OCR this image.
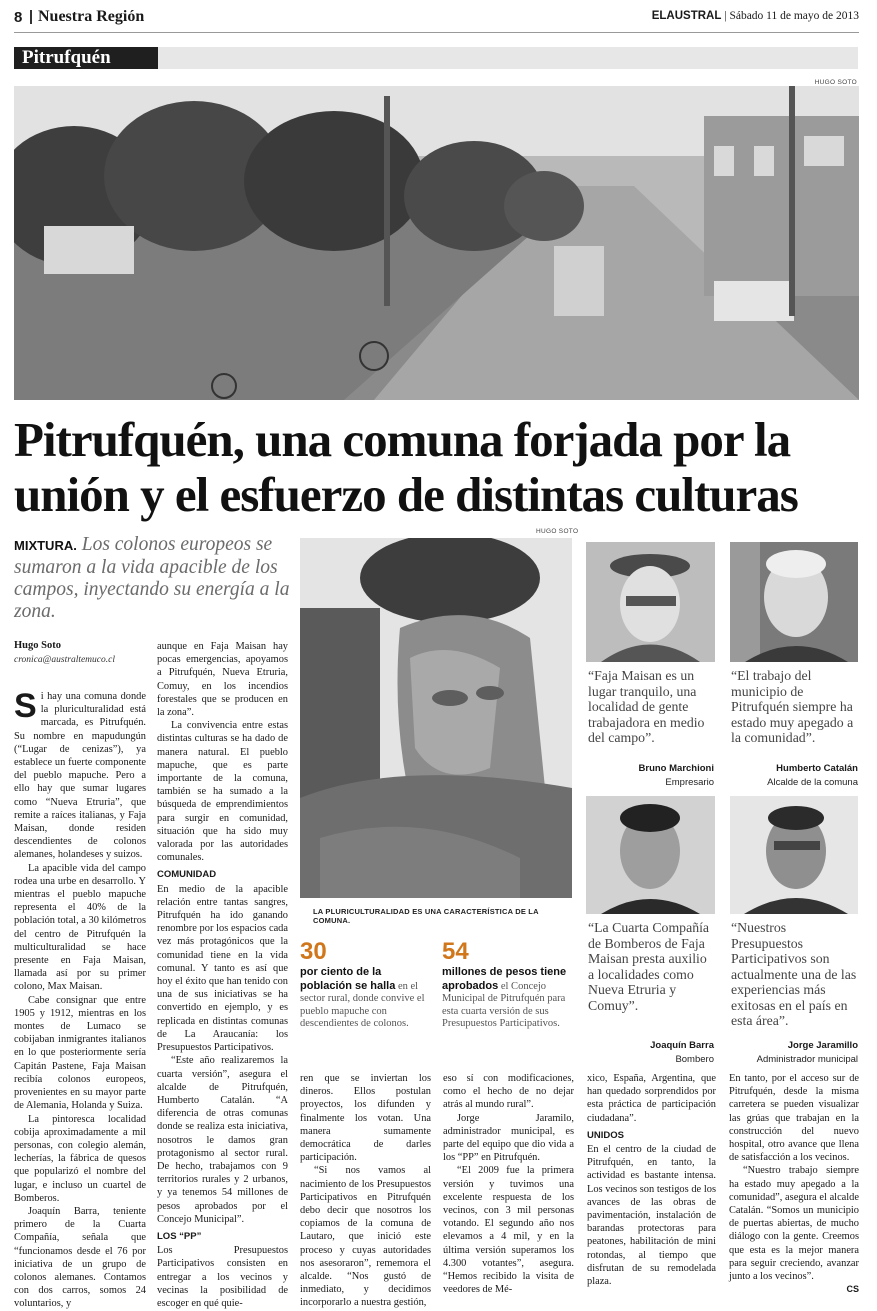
8 Nuestra Región	ELAUSTRAL | Sábado 11 de mayo de 2013
Pitrufquén
HUGO SOTO
Pitrufquén, una comuna forjada por la unión y el esfuerzo de distintas culturas
MIXTURA. Los colonos europeos se sumaron a la vida apacible de los campos, inyectando su energía a la zona.
Hugo Soto
cronica@australtemuco.cl

Si hay una comuna donde la pluriculturalidad está marcada, es Pitrufquén. Su nombre en mapudungún (“Lugar de cenizas”), ya establece un fuerte componente del pueblo mapuche. Pero a ello hay que sumar lugares como “Nueva Etruria”, que remite a raíces italianas, y Faja Maisan, donde residen descendientes de colonos alemanes, holandeses y suizos.

La apacible vida del campo rodea una urbe en desarrollo. Y mientras el pueblo mapuche representa el 40% de la población total, a 30 kilómetros del centro de Pitrufquén la multiculturalidad se hace presente en Faja Maisan, llamada así por su primer colono, Max Maisan.

Cabe consignar que entre 1905 y 1912, mientras en los montes de Lumaco se cobijaban inmigrantes italianos en lo que posteriormente sería Capitán Pastene, Faja Maisan recibía colonos europeos, provenientes en su mayor parte de Alemania, Holanda y Suiza.

La pintoresca localidad cobija aproximadamente a mil personas, con colegio alemán, lecherías, la fábrica de quesos que popularizó el nombre del lugar, e incluso un cuartel de Bomberos.

Joaquín Barra, teniente primero de la Cuarta Compañía, señala que “funcionamos desde el 76 por iniciativa de un grupo de colonos alemanes. Contamos con dos carros, somos 24 voluntarios, y

aunque en Faja Maisan hay pocas emergencias, apoyamos a Pitrufquén, Nueva Etruria, Comuy, en los incendios forestales que se producen en la zona”.

La convivencia entre estas distintas culturas se ha dado de manera natural. El pueblo mapuche, que es parte importante de la comuna, también se ha sumado a la búsqueda de emprendimientos para surgir en comunidad, situación que ha sido muy valorada por las autoridades comunales.

COMUNIDAD

En medio de la apacible relación entre tantas sangres, Pitrufquén ha ido ganando renombre por los espacios cada vez más protagónicos que la comunidad tiene en la vida comunal. Y tanto es así que hoy el éxito que han tenido con una de sus iniciativas se ha convertido en ejemplo, y es replicada en distintas comunas de La Araucanía: los Presupuestos Participativos.

“Este año realizaremos la cuarta versión”, asegura el alcalde de Pitrufquén, Humberto Catalán. “A diferencia de otras comunas donde se realiza esta iniciativa, nosotros le damos gran protagonismo al sector rural. De hecho, trabajamos con 9 territorios rurales y 2 urbanos, y ya tenemos 54 millones de pesos aprobados por el Concejo Municipal”.

LOS “PP”

Los Presupuestos Participativos consisten en entregar a los vecinos y vecinas la posibilidad de escoger en qué quie-

HUGO SOTO
LA PLURICULTURALIDAD ES UNA CARACTERÍSTICA DE LA COMUNA.
30
por ciento de la población se halla en el sector rural, donde convive el pueblo mapuche con descendientes de colonos.
54
millones de pesos tiene aprobados el Concejo Municipal de Pitrufquén para esta cuarta versión de sus Presupuestos Participativos.

ren que se inviertan los dineros. Ellos postulan proyectos, los difunden y finalmente los votan. Una manera sumamente democrática de darles participación.

“Si nos vamos al nacimiento de los Presupuestos Participativos en Pitrufquén debo decir que nosotros los copiamos de la comuna de Lautaro, que inició este proceso y cuyas autoridades nos asesoraron”, rememora el alcalde. “Nos gustó de inmediato, y decidimos incorporarlo a nuestra gestión,

eso sí con modificaciones, como el hecho de no dejar atrás al mundo rural”.

Jorge Jaramilo, administrador municipal, es parte del equipo que dio vida a los “PP” en Pitrufquén.

“El 2009 fue la primera versión y tuvimos una excelente respuesta de los vecinos, con 3 mil personas votando. El segundo año nos elevamos a 4 mil, y en la última versión superamos los 4.300 votantes”, asegura. “Hemos recibido la visita de veedores de Mé-

“Faja Maisan es un lugar tranquilo, una localidad de gente trabajadora en medio del campo”.
“El trabajo del municipio de Pitrufquén siempre ha estado muy apegado a la comunidad”.
Bruno Marchioni
Empresario
Humberto Catalán
Alcalde de la comuna
“La Cuarta Compañía de Bomberos de Faja Maisan presta auxilio a localidades como Nueva Etruria y Comuy”.
“Nuestros Presupuestos Participativos son actualmente una de las experiencias más exitosas en el país en esta área”.
Joaquín Barra
Bombero
Jorge Jaramillo
Administrador municipal

xico, España, Argentina, que han quedado sorprendidos por esta práctica de participación ciudadana”.

UNIDOS

En el centro de la ciudad de Pitrufquén, en tanto, la actividad es bastante intensa. Los vecinos son testigos de los avances de las obras de pavimentación, instalación de barandas protectoras para peatones, habilitación de mini rotondas, al tiempo que disfrutan de su remodelada plaza.

En tanto, por el acceso sur de Pitrufquén, desde la misma carretera se pueden visualizar las grúas que trabajan en la construcción del nuevo hospital, otro avance que llena de satisfacción a los vecinos.

“Nuestro trabajo siempre ha estado muy apegado a la comunidad”, asegura el alcalde Catalán. “Somos un municipio de puertas abiertas, de mucho diálogo con la gente. Creemos que esta es la mejor manera para seguir creciendo, avanzar junto a los vecinos”.

CS
